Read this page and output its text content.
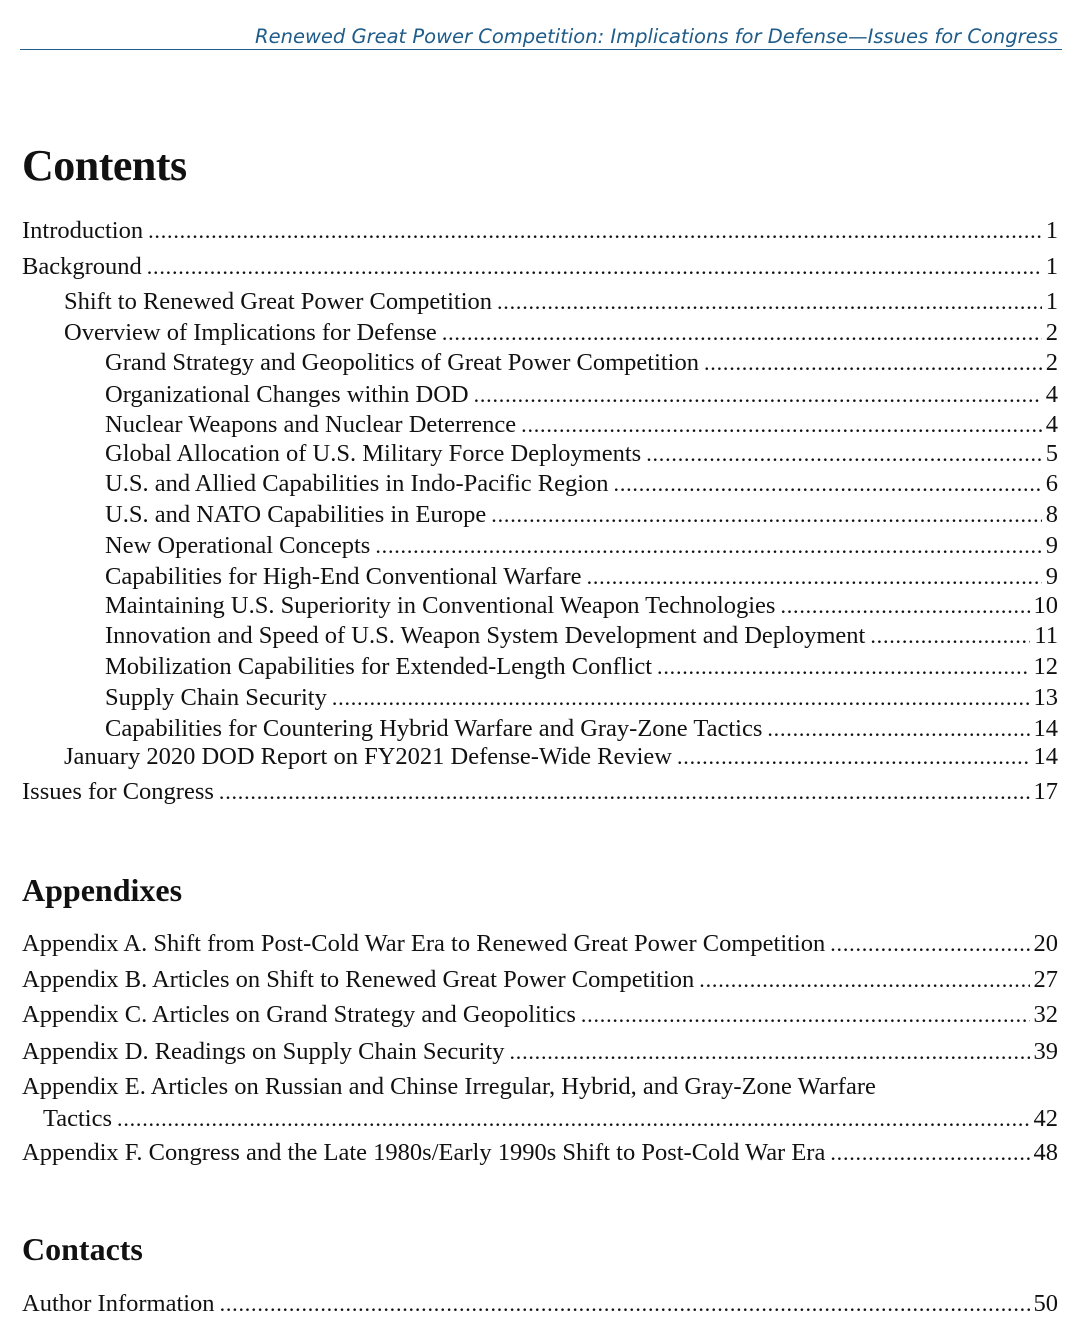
Renewed Great Power Competition: Implications for Defense—Issues for Congress
Contents
Introduction .....	1
Background .....	1
Shift to Renewed Great Power Competition .....	1
Overview of Implications for Defense .....	2
Grand Strategy and Geopolitics of Great Power Competition .....	2
Organizational Changes within DOD .....	4
Nuclear Weapons and Nuclear Deterrence .....	4
Global Allocation of U.S. Military Force Deployments .....	5
U.S. and Allied Capabilities in Indo-Pacific Region .....	6
U.S. and NATO Capabilities in Europe .....	8
New Operational Concepts .....	9
Capabilities for High-End Conventional Warfare .....	9
Maintaining U.S. Superiority in Conventional Weapon Technologies .....	10
Innovation and Speed of U.S. Weapon System Development and Deployment .....	11
Mobilization Capabilities for Extended-Length Conflict .....	12
Supply Chain Security .....	13
Capabilities for Countering Hybrid Warfare and Gray-Zone Tactics .....	14
January 2020 DOD Report on FY2021 Defense-Wide Review .....	14
Issues for Congress .....	17
Appendixes
Appendix A. Shift from Post-Cold War Era to Renewed Great Power Competition .....	20
Appendix B. Articles on Shift to Renewed Great Power Competition .....	27
Appendix C. Articles on Grand Strategy and Geopolitics .....	32
Appendix D. Readings on Supply Chain Security .....	39
Appendix E. Articles on Russian and Chinse Irregular, Hybrid, and Gray-Zone Warfare
Tactics .....	42
Appendix F. Congress and the Late 1980s/Early 1990s Shift to Post-Cold War Era .....	48
Contacts
Author Information .....	50
